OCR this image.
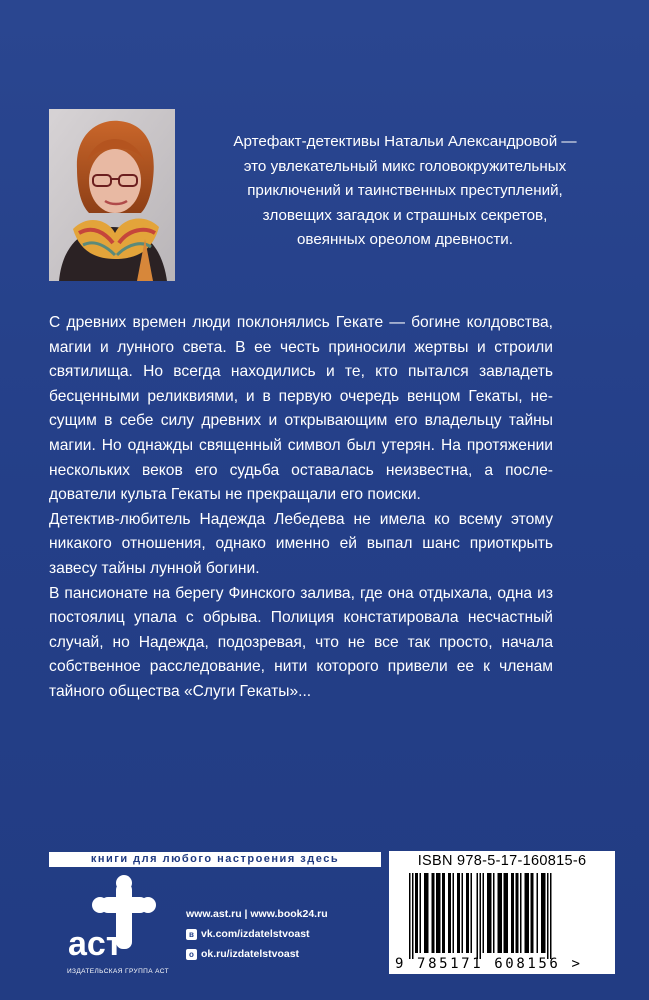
Артефакт-детективы Натальи Александровой —

это увлекательный микс головокружительных

приключений и таинственных преступлений,

зловещих загадок и страшных секретов,

овеянных ореолом древности.

С древних времен люди поклонялись Гекате — богине колдовства, магии и лунного света. В ее честь приносили жертвы и строили святилища. Но всегда находились и те, кто пытался завладеть бесценными реликвиями, и в первую очередь венцом Гекаты, несущим в себе силу древних и открывающим его владельцу тайны магии. Но однажды священный символ был утерян. На протяжении нескольких веков его судьба оставалась неизвестна, а последователи культа Гекаты не прекращали его поиски.

Детектив-любитель Надежда Лебедева не имела ко всему этому никакого отношения, однако именно ей выпал шанс приоткрыть завесу тайны лунной богини.

В пансионате на берегу Финского залива, где она отдыхала, одна из постоялиц упала с обрыва. Полиция констатировала несчастный случай, но Надежда, подозревая, что не все так просто, начала собственное расследование, нити которого привели ее к членам тайного общества «Слуги Гекаты»...

книги для любого настроения здесь
аст
ИЗДАТЕЛЬСКАЯ ГРУППА АСТ
www.ast.ru | www.book24.ru
в vk.com/izdatelstvoast
о ok.ru/izdatelstvoast
ISBN 978-5-17-160815-6
9 785171 608156 >
